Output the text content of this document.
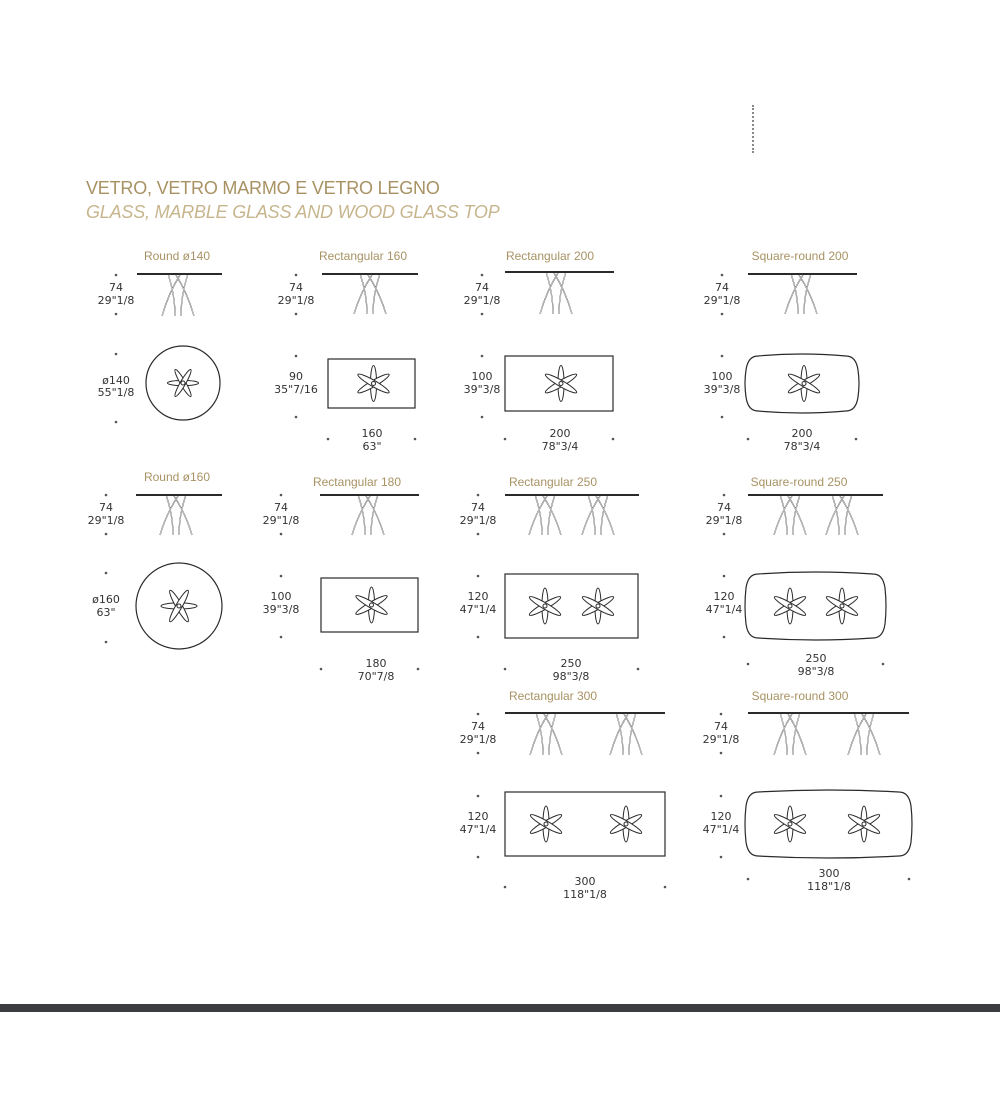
VETRO, VETRO MARMO E VETRO LEGNO
GLASS, MARBLE GLASS AND WOOD GLASS TOP
Round ø140
74
29"1/8
ø140
55"1/8
Rectangular 160
74
29"1/8
90
35"7/16
160
63"
Rectangular 200
74
29"1/8
100
39"3/8
200
78"3/4
Square-round 200
74
29"1/8
100
39"3/8
200
78"3/4
Round ø160
74
29"1/8
ø160
63"
Rectangular 180
74
29"1/8
100
39"3/8
180
70"7/8
Rectangular 250
74
29"1/8
120
47"1/4
250
98"3/8
Square-round 250
74
29"1/8
120
47"1/4
250
98"3/8
Rectangular 300
74
29"1/8
120
47"1/4
300
118"1/8
Square-round 300
74
29"1/8
120
47"1/4
300
118"1/8
